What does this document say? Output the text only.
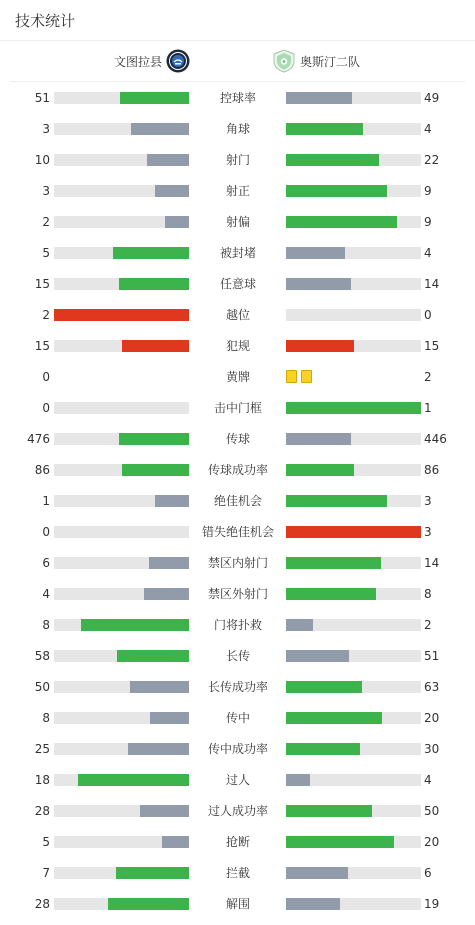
技术统计
文图拉县	奥斯汀二队
51	控球率	49
3	角球	4
10	射门	22
3	射正	9
2	射偏	9
5	被封堵	4
15	任意球	14
2	越位	0
15	犯规	15
0	黄牌	2
0	击中门框	1
476	传球	446
86	传球成功率	86
1	绝佳机会	3
0	错失绝佳机会	3
6	禁区内射门	14
4	禁区外射门	8
8	门将扑救	2
58	长传	51
50	长传成功率	63
8	传中	20
25	传中成功率	30
18	过人	4
28	过人成功率	50
5	抢断	20
7	拦截	6
28	解围	19
